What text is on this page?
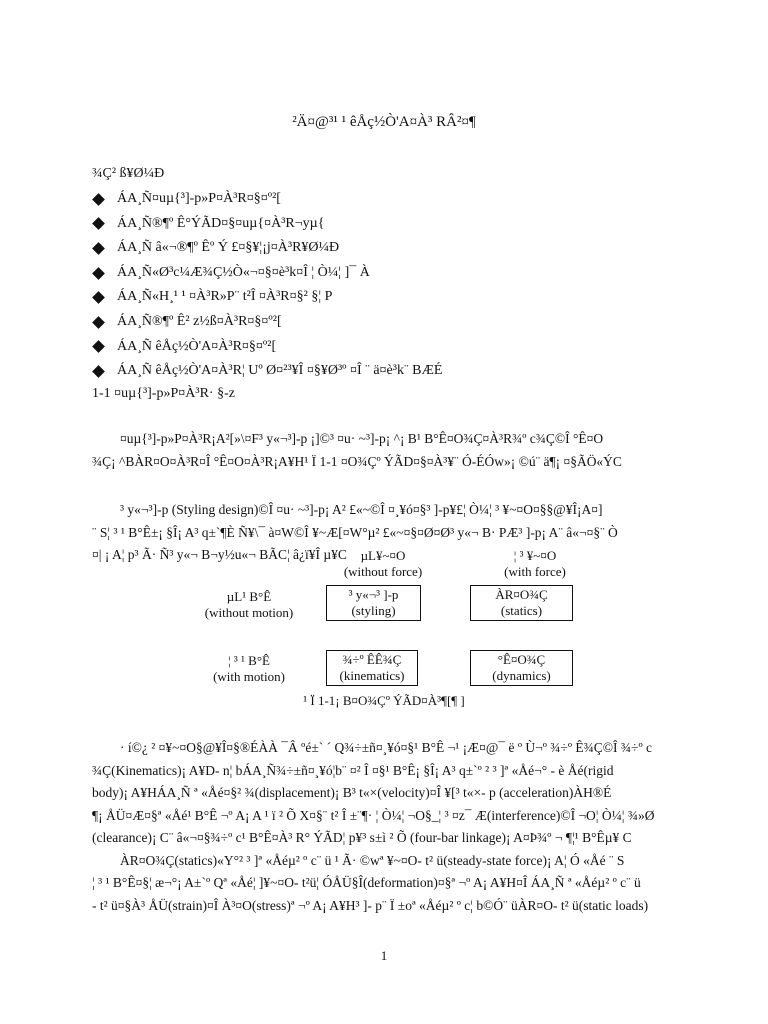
²Ä¤@³¹ ¹ êÅç½Ò'A¤À³ RÂ²¤¶
¾Ç² ß¥Ø¼Ð
ÁA¸Ñ¤uµ{³]-p»P¤À³R¤§¤º²[
ÁA¸Ñ®¶º Ê°ÝÃD¤§¤uµ{¤À³R¬yµ{
ÁA¸Ñ â«¬®¶º Êº Ý £¤§¥¦¡j¤À³R¥Ø¼Ð
ÁA¸Ñ«Ø³c¼Æ¾Ç½Ò«¬¤§¤è³k¤Î ¦ Ò¼¦ ]¯ À
ÁA¸Ñ«H¸¹ ¹ ¤À³R»P¨ t²Î ¤À³R¤§² §¦ P
ÁA¸Ñ®¶º Ê² z½ß¤À³R¤§¤º²[
ÁA¸Ñ êÅç½Ò'A¤À³R¤§¤º²[
ÁA¸Ñ êÅç½Ò'A¤À³R¦ Uº Ø¤²³¥Î ¤§¥Ø³º ¤Î ¨ ä¤è³k¨ BÆÉ
1-1 ¤uµ{³]-p»P¤À³R· §-z
¤uµ{³]-p»P¤À³R¡A²[»\¤F³ y«¬³]-p ¡]©³ ¤u· ~³]-p¡ ^¡ B¹ B°Ê¤O¾Ç¤À³R¾º c¾Ç©Î °Ê¤O
¾Ç¡ ^BÀR¤O¤À³R¤Î °Ê¤O¤À³R¡A¥H¹ Ï 1-1 ¤O¾Çº ÝÃD¤§¤À³¥¨ Ó-ÉÓw»¡ ©ú¨ ä¶¡ ¤§ÃÖ«ÝC
³ y«¬³]-p (Styling design)©Î ¤u· ~³]-p¡ A² £«~©Î ¤¸¥ó¤§³ ]-p¥£¦ Ò¼¦ ³ ¥~¤O¤§§@¥Î¡A¤]
¨ S¦ ³ ¹ B°Ê±¡ §Î¡ A³ q±`¶È Ñ¥\¯ à¤W©Î ¥~Æ[¤W°µ² £«~¤§¤Ø¤Ø³ y«¬ B· PÆ³ ]-p¡ A¨ â«¬¤§¨ Ò
¤| ¡ A¦ p³ Ã· Ñ³ y«¬ B¬y½u«¬ BÃC¦ â¿ï¥Î µ¥C	µL¥~¤O
(without force)
¦ ³ ¥~¤O
(with force)
µL¹ B°Ê
(without motion)
¦ ³ ¹ B°Ê
(with motion)
³ y«¬³ ]-p
(styling)
ÀR¤O¾Ç
(statics)
¾÷º ÊÊ¾Ç
(kinematics)
°Ê¤O¾Ç
(dynamics)
¹ Ï 1-1¡ B¤O¾Çº ÝÃD¤À³¶[¶ ]
· í©¿ ² ¤¥~¤O§@¥Î¤§®ÉÀÀ ¯Â ºé±` ´ Q¾÷±ñ¤¸¥ó¤§¹ B°Ê ¬¹ ¡Æ¤@¯ ë º Ù¬º ¾÷º Ê¾Ç©Î ¾÷º c
¾Ç(Kinematics)¡ A¥D- n¦ bÁA¸Ñ¾÷±ñ¤¸¥ó¦b¨ ¤² Î ¤§¹ B°Ê¡ §Î¡ A³ q±`º ² ³ ]ª «Åé¬° - è Åé(rigid
body)¡ A¥HÁA¸Ñ ª «Åé¤§² ¾(displacement)¡ B³ t«×(velocity)¤Î ¥[³ t«×- p (acceleration)ÀH®É
¶¡ ÅÜ¤Æ¤§ª «Åé¹ B°Ê ¬º A¡ A ¹ ï ² Õ X¤§¨ t² Î ±¨¶· ¦ Ò¼¦ ¬O§_¦ ³ ¤z¯ Æ(interference)©Î ¬O¦ Ò¼¦ ¾»Ø
(clearance)¡ C¨ â«¬¤§¾÷º c¹ B°Ê¤À³ R° ÝÃD¦ p¥³ s±ì ² Õ (four-bar linkage)¡ A¤Þ¾º ¬ ¶¦¹ B°Êµ¥ C
ÀR¤O¾Ç(statics)«Y°² ³ ]ª «Åéµ² º c¨ ü ¹ Ã· ©wª ¥~¤O- t² ü(steady-state force)¡ A¦ Ó «Åé ¨ S
¦ ³ ¹ B°Ê¤§¦ æ¬°¡ A±`º Qª «Åé¦ ]¥~¤O- t²ü¦ ÓÅÜ§Î(deformation)¤§ª ¬º A¡ A¥H¤Î ÁA¸Ñ ª «Åéµ² º c¨ ü
- t² ü¤§À³ ÅÜ(strain)¤Î À³¤O(stress)ª ¬º A¡ A¥H³ ]- p¨ Ï ±oª «Åéµ² º c¦ b©Ó¨ üÀR¤O- t² ü(static loads)
1
